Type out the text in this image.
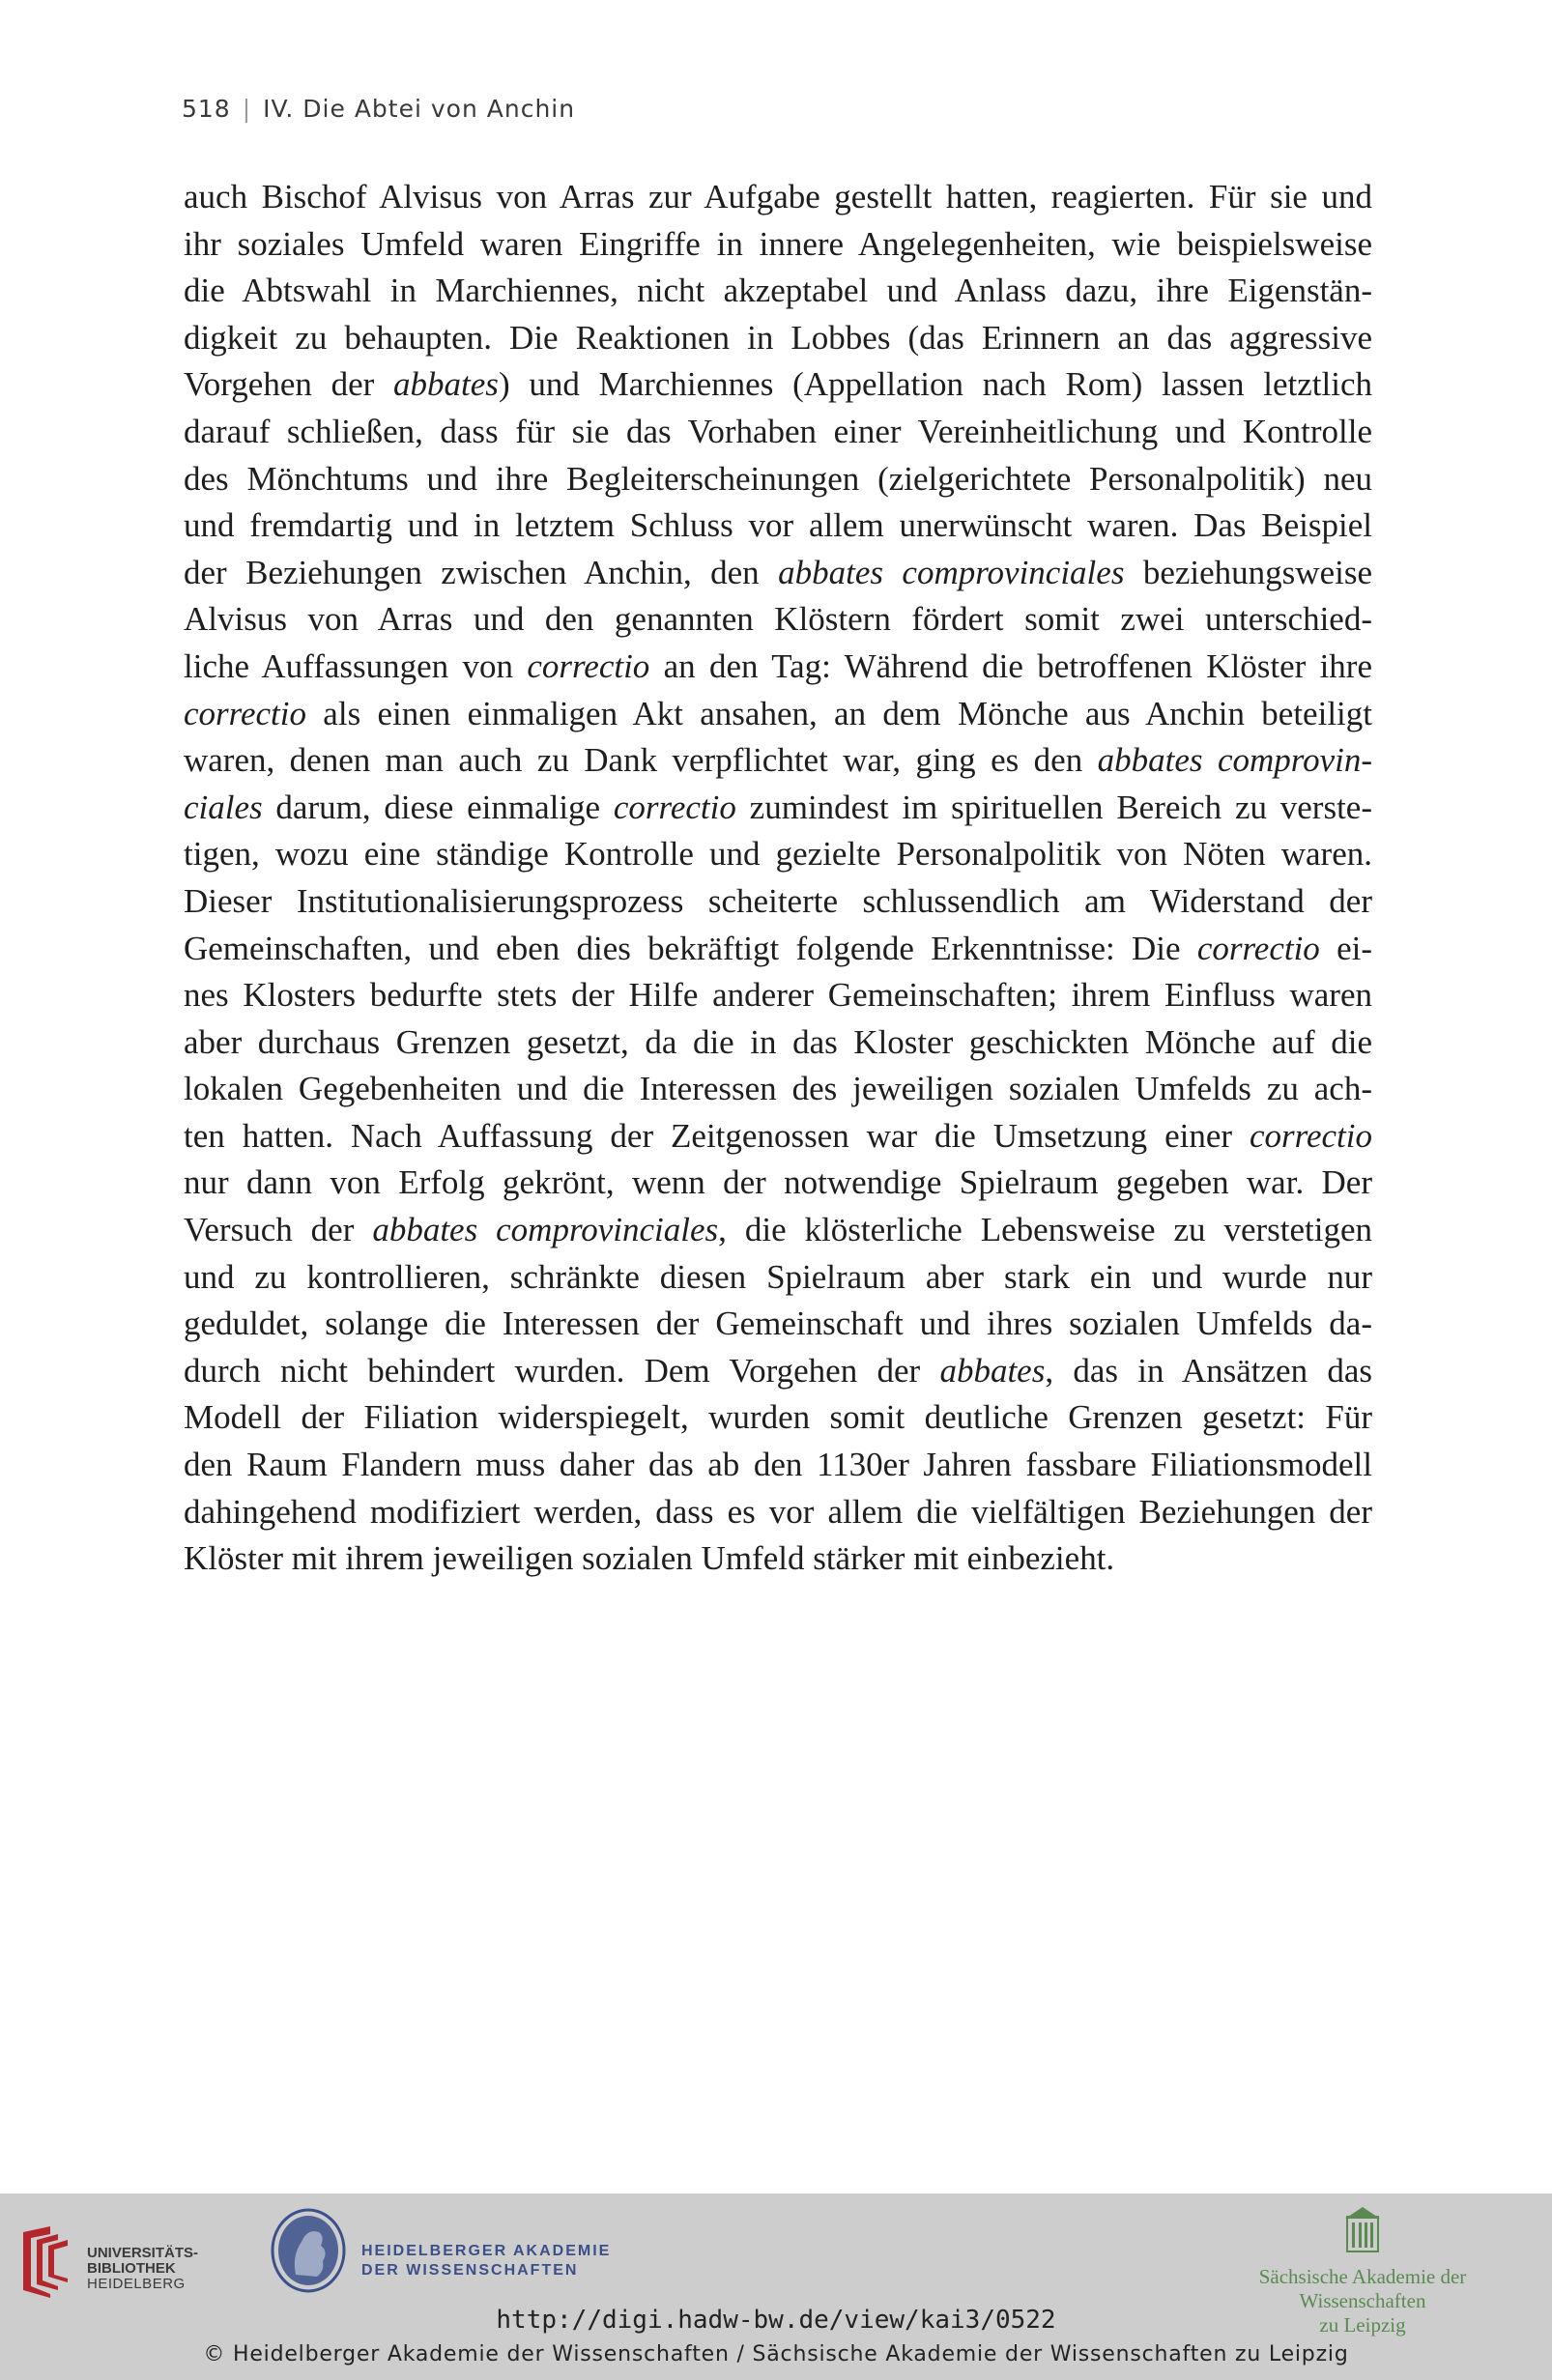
518 | IV. Die Abtei von Anchin
auch Bischof Alvisus von Arras zur Aufgabe gestellt hatten, reagierten. Für sie und
ihr soziales Umfeld waren Eingriffe in innere Angelegenheiten, wie beispielsweise
die Abtswahl in Marchiennes, nicht akzeptabel und Anlass dazu, ihre Eigenstän-
digkeit zu behaupten. Die Reaktionen in Lobbes (das Erinnern an das aggressive
Vorgehen der abbates) und Marchiennes (Appellation nach Rom) lassen letztlich
darauf schließen, dass für sie das Vorhaben einer Vereinheitlichung und Kontrolle
des Mönchtums und ihre Begleiterscheinungen (zielgerichtete Personalpolitik) neu
und fremdartig und in letztem Schluss vor allem unerwünscht waren. Das Beispiel
der Beziehungen zwischen Anchin, den abbates comprovinciales beziehungsweise
Alvisus von Arras und den genannten Klöstern fördert somit zwei unterschied-
liche Auffassungen von correctio an den Tag: Während die betroffenen Klöster ihre
correctio als einen einmaligen Akt ansahen, an dem Mönche aus Anchin beteiligt
waren, denen man auch zu Dank verpflichtet war, ging es den abbates comprovin-
ciales darum, diese einmalige correctio zumindest im spirituellen Bereich zu verste-
tigen, wozu eine ständige Kontrolle und gezielte Personalpolitik von Nöten waren.
Dieser Institutionalisierungsprozess scheiterte schlussendlich am Widerstand der
Gemeinschaften, und eben dies bekräftigt folgende Erkenntnisse: Die correctio ei-
nes Klosters bedurfte stets der Hilfe anderer Gemeinschaften; ihrem Einfluss waren
aber durchaus Grenzen gesetzt, da die in das Kloster geschickten Mönche auf die
lokalen Gegebenheiten und die Interessen des jeweiligen sozialen Umfelds zu ach-
ten hatten. Nach Auffassung der Zeitgenossen war die Umsetzung einer correctio
nur dann von Erfolg gekrönt, wenn der notwendige Spielraum gegeben war. Der
Versuch der abbates comprovinciales, die klösterliche Lebensweise zu verstetigen
und zu kontrollieren, schränkte diesen Spielraum aber stark ein und wurde nur
geduldet, solange die Interessen der Gemeinschaft und ihres sozialen Umfelds da-
durch nicht behindert wurden. Dem Vorgehen der abbates, das in Ansätzen das
Modell der Filiation widerspiegelt, wurden somit deutliche Grenzen gesetzt: Für
den Raum Flandern muss daher das ab den 1130er Jahren fassbare Filiationsmodell
dahingehend modifiziert werden, dass es vor allem die vielfältigen Beziehungen der
Klöster mit ihrem jeweiligen sozialen Umfeld stärker mit einbezieht.
UNIVERSITÄTS-
BIBLIOTHEK
HEIDELBERG
HEIDELBERGER AKADEMIE
DER WISSENSCHAFTEN	Sächsische Akademie der Wissenschaften
zu Leipzig
http://digi.hadw-bw.de/view/kai3/0522
© Heidelberger Akademie der Wissenschaften / Sächsische Akademie der Wissenschaften zu Leipzig
